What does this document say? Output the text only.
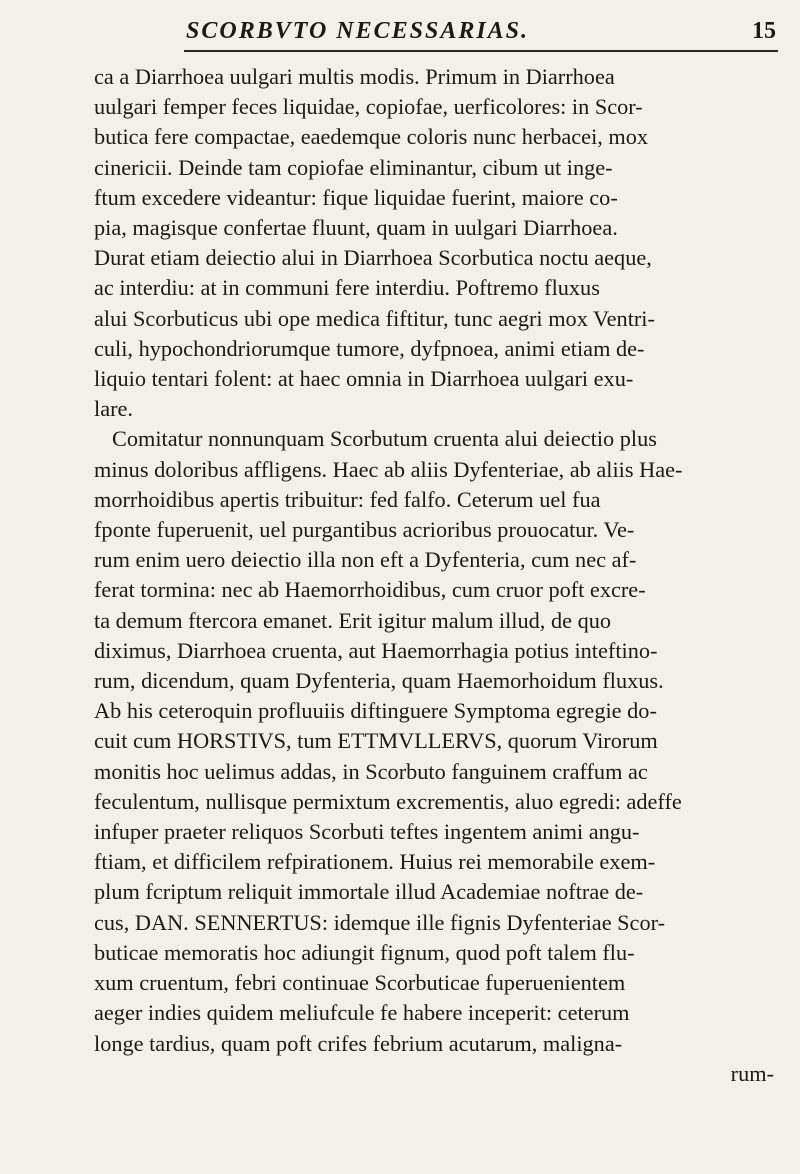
SCORBVTO NECESSARIAS.	15
ca a Diarrhoea uulgari multis modis. Primum in Diarrhoea
uulgari femper feces liquidae, copiofae, uerficolores: in Scor-
butica fere compactae, eaedemque coloris nunc herbacei, mox
cinericii. Deinde tam copiofae eliminantur, cibum ut inge-
ftum excedere videantur: fique liquidae fuerint, maiore co-
pia, magisque confertae fluunt, quam in uulgari Diarrhoea.
Durat etiam deiectio alui in Diarrhoea Scorbutica noctu aeque,
ac interdiu: at in communi fere interdiu. Poftremo fluxus
alui Scorbuticus ubi ope medica fiftitur, tunc aegri mox Ventri-
culi, hypochondriorumque tumore, dyfpnoea, animi etiam de-
liquio tentari folent: at haec omnia in Diarrhoea uulgari exu-
lare.
Comitatur nonnunquam Scorbutum cruenta alui deiectio plus
minus doloribus affligens. Haec ab aliis Dyfenteriae, ab aliis Hae-
morrhoidibus apertis tribuitur: fed falfo. Ceterum uel fua
fponte fuperuenit, uel purgantibus acrioribus prouocatur. Ve-
rum enim uero deiectio illa non eft a Dyfenteria, cum nec af-
ferat tormina: nec ab Haemorrhoidibus, cum cruor poft excre-
ta demum ftercora emanet. Erit igitur malum illud, de quo
diximus, Diarrhoea cruenta, aut Haemorrhagia potius inteftino-
rum, dicendum, quam Dyfenteria, quam Haemorhoidum fluxus.
Ab his ceteroquin profluuiis diftinguere Symptoma egregie do-
cuit cum HORSTIVS, tum ETTMVLLERVS, quorum Virorum
monitis hoc uelimus addas, in Scorbuto fanguinem craffum ac
feculentum, nullisque permixtum excrementis, aluo egredi: adeffe
infuper praeter reliquos Scorbuti teftes ingentem animi angu-
ftiam, et difficilem refpirationem. Huius rei memorabile exem-
plum fcriptum reliquit immortale illud Academiae noftrae de-
cus, DAN. SENNERTUS: idemque ille fignis Dyfenteriae Scor-
buticae memoratis hoc adiungit fignum, quod poft talem flu-
xum cruentum, febri continuae Scorbuticae fuperuenientem
aeger indies quidem meliufcule fe habere inceperit: ceterum
longe tardius, quam poft crifes febrium acutarum, maligna-
rum-
